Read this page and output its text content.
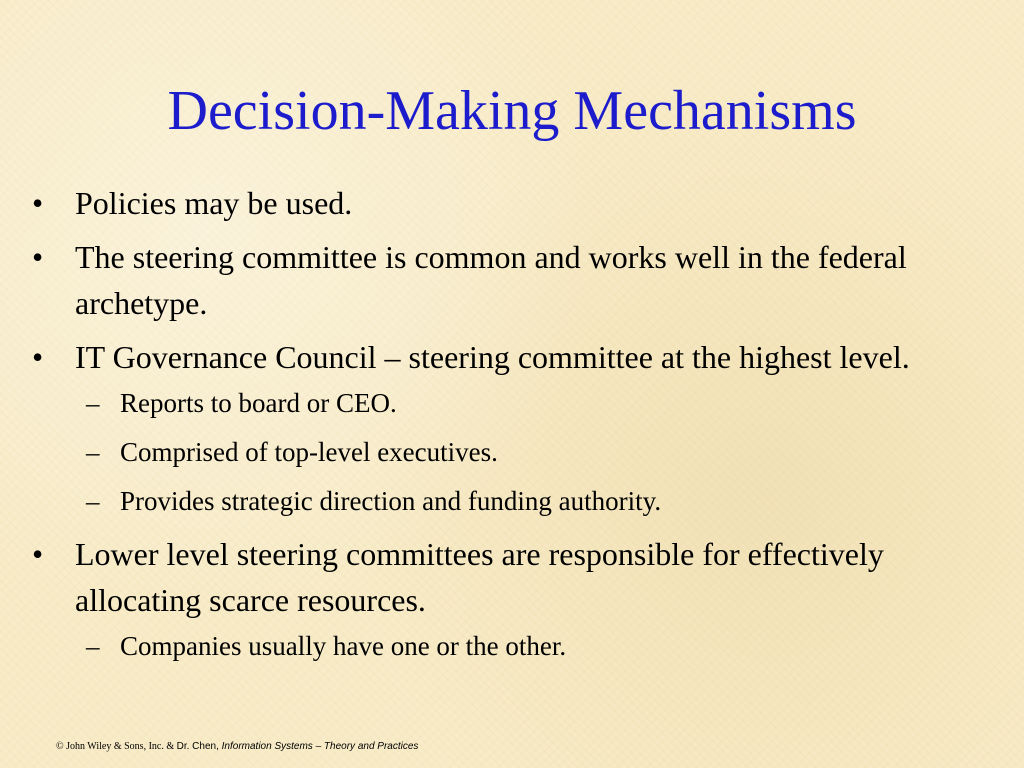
Decision-Making Mechanisms
• Policies may be used.
• The steering committee is common and works well in the federal archetype.
• IT Governance Council – steering committee at the highest level.
– Reports to board or CEO.
– Comprised of top-level executives.
– Provides strategic direction and funding authority.
• Lower level steering committees are responsible for effectively allocating scarce resources.
– Companies usually have one or the other.
© John Wiley & Sons, Inc. & Dr. Chen, Information Systems – Theory and Practices
